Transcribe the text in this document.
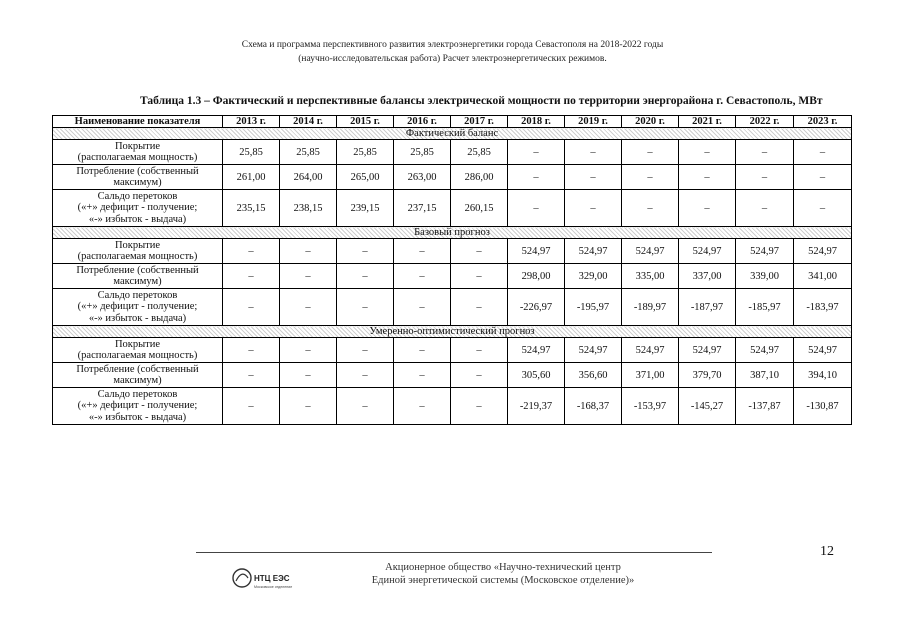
Схема и программа перспективного развития электроэнергетики города Севастополя на 2018-2022 годы
(научно-исследовательская работа) Расчет электроэнергетических режимов.
Таблица 1.3 – Фактический и перспективные балансы электрической мощности по территории энергорайона г. Севастополь, МВт
Наименование показателя	2013 г.	2014 г.	2015 г.	2016 г.	2017 г.	2018 г.	2019 г.	2020 г.	2021 г.	2022 г.	2023 г.
Фактический баланс											

Покрытие
(располагаемая мощность)	25,85	25,85	25,85	25,85	25,85	–	–	–	–	–	–

Потребление (собственный
максимум)	261,00	264,00	265,00	263,00	286,00	–	–	–	–	–	–

Сальдо перетоков
(«+» дефицит - получение;
«-» избыток - выдача)	235,15	238,15	239,15	237,15	260,15	–	–	–	–	–	–
Базовый прогноз											

Покрытие
(располагаемая мощность)	–	–	–	–	–	524,97	524,97	524,97	524,97	524,97	524,97

Потребление (собственный
максимум)	–	–	–	–	–	298,00	329,00	335,00	337,00	339,00	341,00

Сальдо перетоков
(«+» дефицит - получение;
«-» избыток - выдача)	–	–	–	–	–	-226,97	-195,97	-189,97	-187,97	-185,97	-183,97
Умеренно-оптимистический прогноз											

Покрытие
(располагаемая мощность)	–	–	–	–	–	524,97	524,97	524,97	524,97	524,97	524,97

Потребление (собственный
максимум)	–	–	–	–	–	305,60	356,60	371,00	379,70	387,10	394,10

Сальдо перетоков
(«+» дефицит - получение;
«-» избыток - выдача)	–	–	–	–	–	-219,37	-168,37	-153,97	-145,27	-137,87	-130,87
12
НТЦ ЕЭС
Московское отделение
Акционерное общество «Научно-технический центр
Единой энергетической системы (Московское отделение)»
